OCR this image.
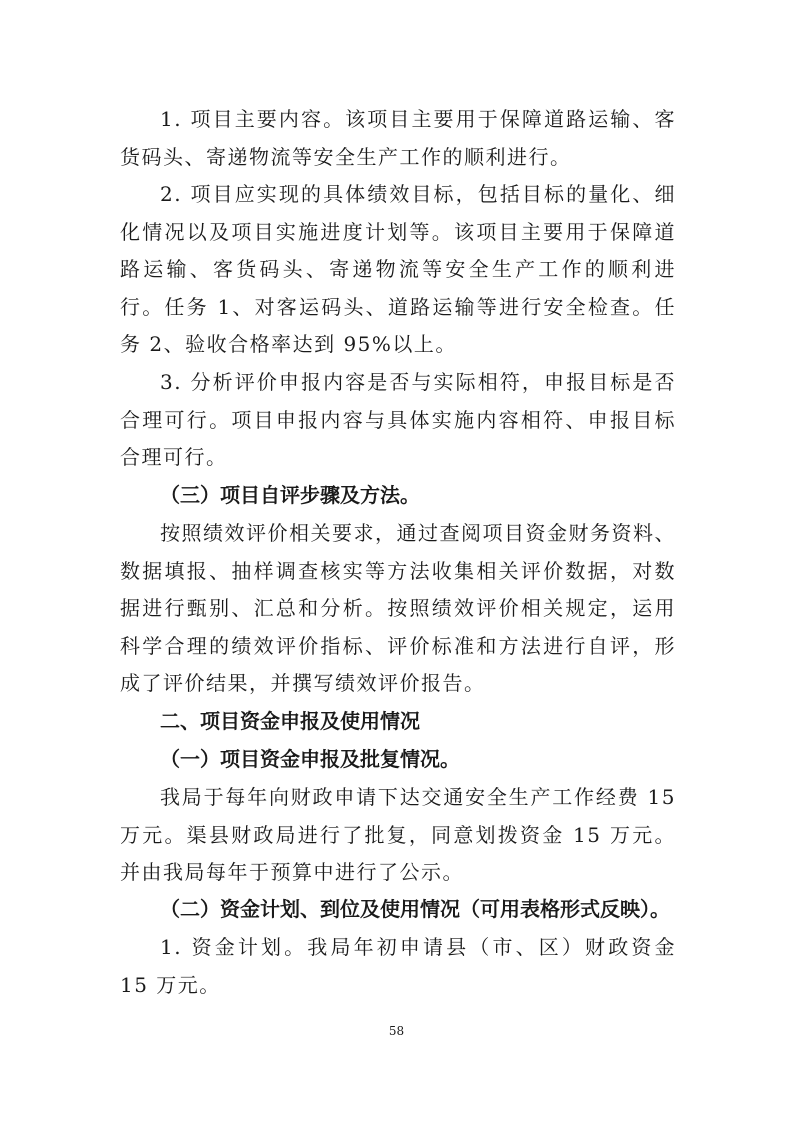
1. 项目主要内容。该项目主要用于保障道路运输、客货码头、寄递物流等安全生产工作的顺利进行。

2. 项目应实现的具体绩效目标，包括目标的量化、细化情况以及项目实施进度计划等。该项目主要用于保障道路运输、客货码头、寄递物流等安全生产工作的顺利进行。任务 1、对客运码头、道路运输等进行安全检查。任务 2、验收合格率达到 95%以上。

3. 分析评价申报内容是否与实际相符，申报目标是否合理可行。项目申报内容与具体实施内容相符、申报目标合理可行。

（三）项目自评步骤及方法。

按照绩效评价相关要求，通过查阅项目资金财务资料、数据填报、抽样调查核实等方法收集相关评价数据，对数据进行甄别、汇总和分析。按照绩效评价相关规定，运用科学合理的绩效评价指标、评价标准和方法进行自评，形成了评价结果，并撰写绩效评价报告。

二、项目资金申报及使用情况

（一）项目资金申报及批复情况。

我局于每年向财政申请下达交通安全生产工作经费 15 万元。渠县财政局进行了批复，同意划拨资金 15 万元。并由我局每年于预算中进行了公示。

（二）资金计划、到位及使用情况（可用表格形式反映）。

1. 资金计划。我局年初申请县（市、区）财政资金 15 万元。

58
